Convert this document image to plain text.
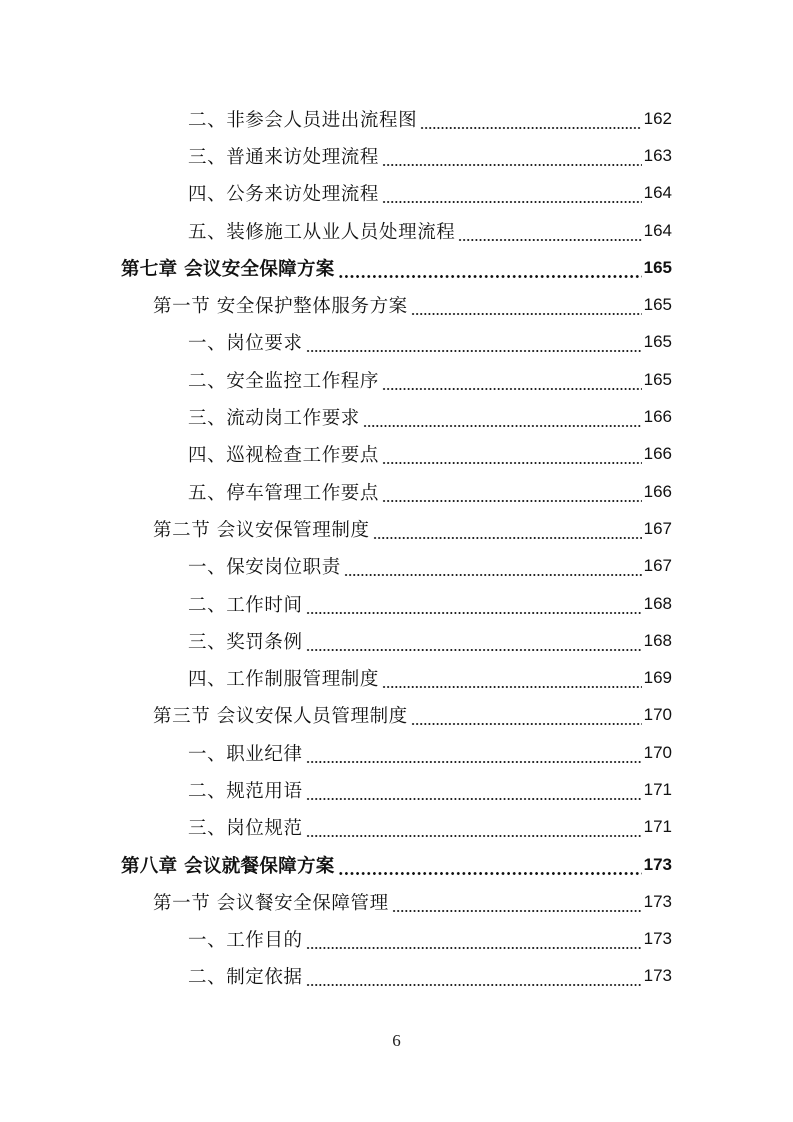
二、非参会人员进出流程图	162
三、普通来访处理流程	163
四、公务来访处理流程	164
五、装修施工从业人员处理流程	164
第七章 会议安全保障方案	165
第一节 安全保护整体服务方案	165
一、岗位要求	165
二、安全监控工作程序	165
三、流动岗工作要求	166
四、巡视检查工作要点	166
五、停车管理工作要点	166
第二节 会议安保管理制度	167
一、保安岗位职责	167
二、工作时间	168
三、奖罚条例	168
四、工作制服管理制度	169
第三节 会议安保人员管理制度	170
一、职业纪律	170
二、规范用语	171
三、岗位规范	171
第八章 会议就餐保障方案	173
第一节 会议餐安全保障管理	173
一、工作目的	173
二、制定依据	173
6
